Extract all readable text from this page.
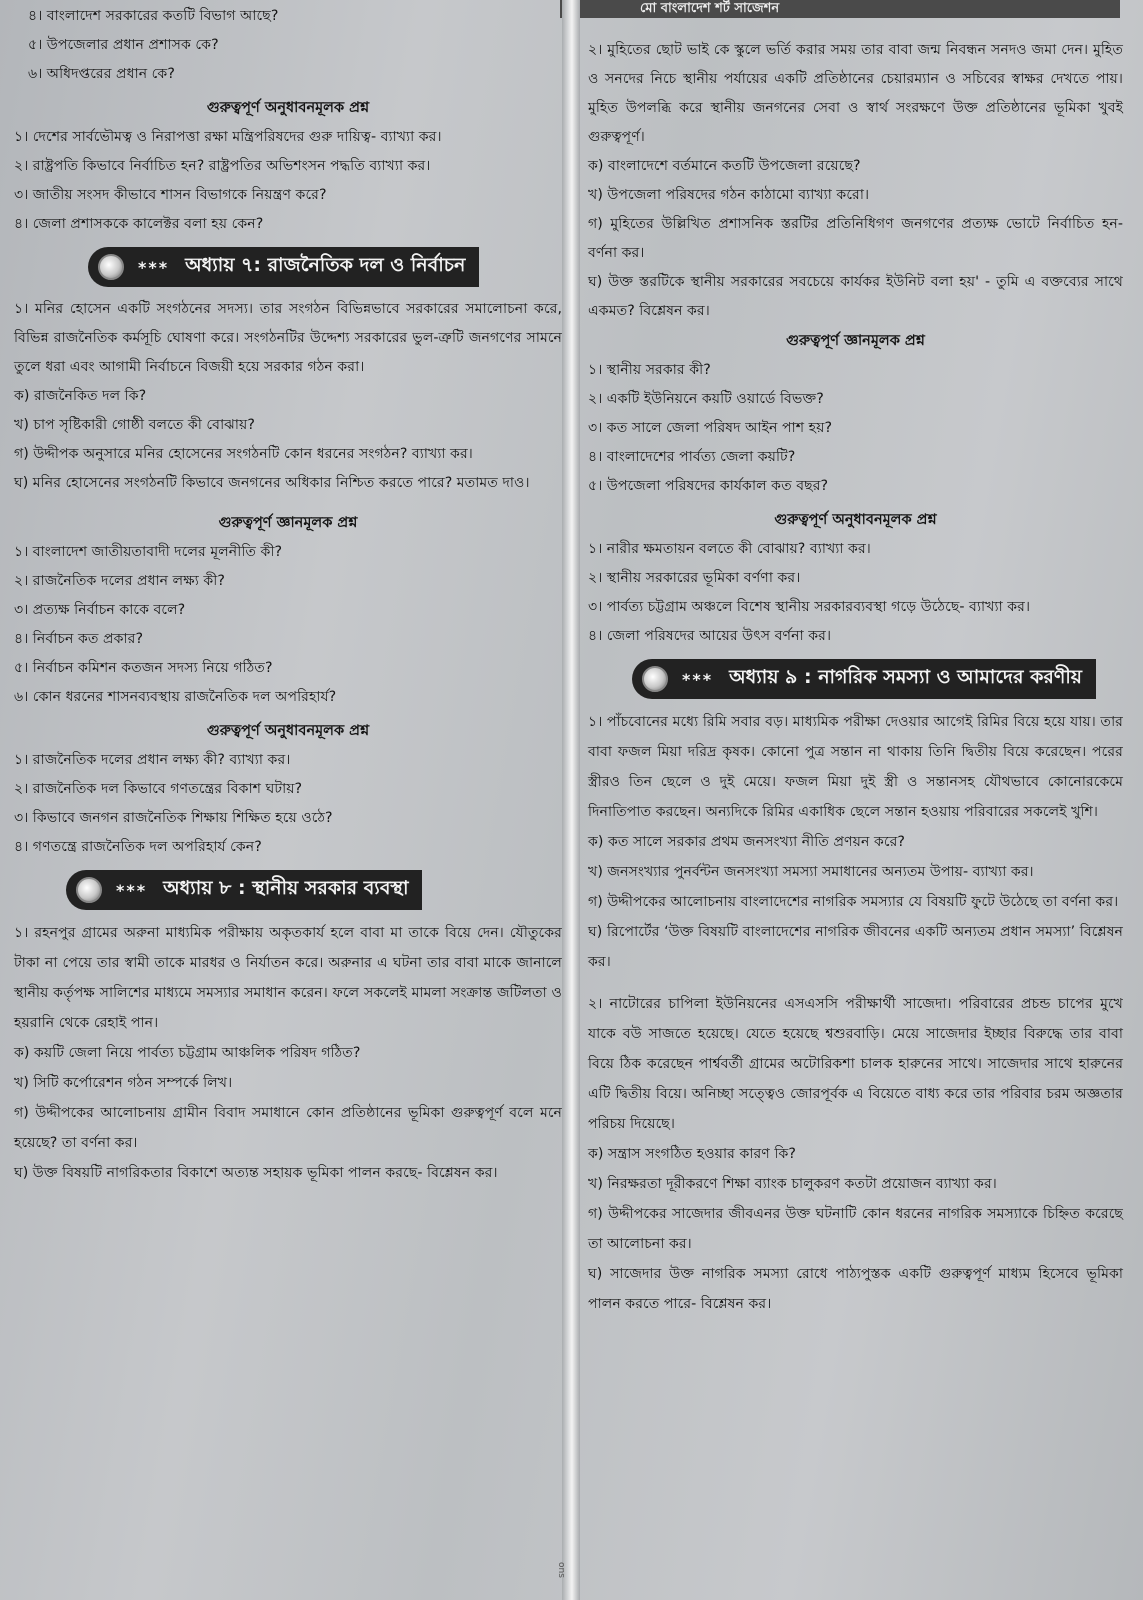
মো বাংলাদেশ শর্ট সাজেশন
৪। বাংলাদেশ সরকারের কতটি বিভাগ আছে?
৫। উপজেলার প্রধান প্রশাসক কে?
৬। অধিদপ্তরের প্রধান কে?
গুরুত্বপূর্ণ অনুধাবনমূলক প্রশ্ন
১। দেশের সার্বভৌমত্ব ও নিরাপত্তা রক্ষা মন্ত্রিপরিষদের গুরু দায়িত্ব- ব্যাখ্যা কর।
২। রাষ্ট্রপতি কিভাবে নির্বাচিত হন? রাষ্ট্রপতির অভিশংসন পদ্ধতি ব্যাখ্যা কর।
৩। জাতীয় সংসদ কীভাবে শাসন বিভাগকে নিয়ন্ত্রণ করে?
৪। জেলা প্রশাসককে কালেক্টর বলা হয় কেন?
*** অধ্যায় ৭: রাজনৈতিক দল ও নির্বাচন
১। মনির হোসেন একটি সংগঠনের সদস্য। তার সংগঠন বিভিন্নভাবে সরকারের সমালোচনা করে, বিভিন্ন রাজনৈতিক কর্মসূচি ঘোষণা করে। সংগঠনটির উদ্দেশ্য সরকারের ভুল-ত্রুটি জনগণের সামনে তুলে ধরা এবং আগামী নির্বাচনে বিজয়ী হয়ে সরকার গঠন করা।
ক) রাজনৈকিত দল কি?
খ) চাপ সৃষ্টিকারী গোষ্ঠী বলতে কী বোঝায়?
গ) উদ্দীপক অনুসারে মনির হোসেনের সংগঠনটি কোন ধরনের সংগঠন? ব্যাখ্যা কর।
ঘ) মনির হোসেনের সংগঠনটি কিভাবে জনগনের অধিকার নিশ্চিত করতে পারে? মতামত দাও।
গুরুত্বপূর্ণ জ্ঞানমূলক প্রশ্ন
১। বাংলাদেশ জাতীয়তাবাদী দলের মূলনীতি কী?
২। রাজনৈতিক দলের প্রধান লক্ষ্য কী?
৩। প্রত্যক্ষ নির্বাচন কাকে বলে?
৪। নির্বাচন কত প্রকার?
৫। নির্বাচন কমিশন কতজন সদস্য নিয়ে গঠিত?
৬। কোন ধরনের শাসনব্যবস্থায় রাজনৈতিক দল অপরিহার্য?
গুরুত্বপূর্ণ অনুধাবনমূলক প্রশ্ন
১। রাজনৈতিক দলের প্রধান লক্ষ্য কী? ব্যাখ্যা কর।
২। রাজনৈতিক দল কিভাবে গণতন্ত্রের বিকাশ ঘটায়?
৩। কিভাবে জনগন রাজনৈতিক শিক্ষায় শিক্ষিত হয়ে ওঠে?
৪। গণতন্ত্রে রাজনৈতিক দল অপরিহার্য কেন?
*** অধ্যায় ৮ : স্থানীয় সরকার ব্যবস্থা
১। রহনপুর গ্রামের অরুনা মাধ্যমিক পরীক্ষায় অকৃতকার্য হলে বাবা মা তাকে বিয়ে দেন। যৌতুকের টাকা না পেয়ে তার স্বামী তাকে মারধর ও নির্যাতন করে। অরুনার এ ঘটনা তার বাবা মাকে জানালে স্থানীয় কর্তৃপক্ষ সালিশের মাধ্যমে সমস্যার সমাধান করেন। ফলে সকলেই মামলা সংক্রান্ত জটিলতা ও হয়রানি থেকে রেহাই পান।
ক) কয়টি জেলা নিয়ে পার্বত্য চট্টগ্রাম আঞ্চলিক পরিষদ গঠিত?
খ) সিটি কর্পোরেশন গঠন সম্পর্কে লিখ।
গ) উদ্দীপকের আলোচনায় গ্রামীন বিবাদ সমাধানে কোন প্রতিষ্ঠানের ভূমিকা গুরুত্বপূর্ণ বলে মনে হয়েছে? তা বর্ণনা কর।
ঘ) উক্ত বিষয়টি নাগরিকতার বিকাশে অত্যন্ত সহায়ক ভূমিকা পালন করছে- বিশ্লেষন কর।
ons
২। মুহিতের ছোট ভাই কে স্কুলে ভর্তি করার সময় তার বাবা জন্ম নিবন্ধন সনদও জমা দেন। মুহিত ও সনদের নিচে স্থানীয় পর্যায়ের একটি প্রতিষ্ঠানের চেয়ারম্যান ও সচিবের স্বাক্ষর দেখতে পায়। মুহিত উপলব্ধি করে স্থানীয় জনগনের সেবা ও স্বার্থ সংরক্ষণে উক্ত প্রতিষ্ঠানের ভূমিকা খুবই গুরুত্বপূর্ণ।
ক) বাংলাদেশে বর্তমানে কতটি উপজেলা রয়েছে?
খ) উপজেলা পরিষদের গঠন কাঠামো ব্যাখ্যা করো।
গ) মুহিতের উল্লিখিত প্রশাসনিক স্তরটির প্রতিনিধিগণ জনগণের প্রত্যক্ষ ভোটে নির্বাচিত হন- বর্ণনা কর।
ঘ) উক্ত স্তরটিকে স্থানীয় সরকারের সবচেয়ে কার্যকর ইউনিট বলা হয়' - তুমি এ বক্তব্যের সাথে একমত? বিশ্লেষন কর।
গুরুত্বপূর্ণ জ্ঞানমূলক প্রশ্ন
১। স্থানীয় সরকার কী?
২। একটি ইউনিয়নে কয়টি ওয়ার্ডে বিভক্ত?
৩। কত সালে জেলা পরিষদ আইন পাশ হয়?
৪। বাংলাদেশের পার্বত্য জেলা কয়টি?
৫। উপজেলা পরিষদের কার্যকাল কত বছর?
গুরুত্বপূর্ণ অনুধাবনমূলক প্রশ্ন
১। নারীর ক্ষমতায়ন বলতে কী বোঝায়? ব্যাখ্যা কর।
২। স্থানীয় সরকারের ভূমিকা বর্ণণা কর।
৩। পার্বত্য চট্টগ্রাম অঞ্চলে বিশেষ স্থানীয় সরকারব্যবস্থা গড়ে উঠেছে- ব্যাখ্যা কর।
৪। জেলা পরিষদের আয়ের উৎস বর্ণনা কর।
*** অধ্যায় ৯ : নাগরিক সমস্যা ও আমাদের করণীয়
১। পাঁচবোনের মধ্যে রিমি সবার বড়। মাধ্যমিক পরীক্ষা দেওয়ার আগেই রিমির বিয়ে হয়ে যায়। তার বাবা ফজল মিয়া দরিদ্র কৃষক। কোনো পুত্র সন্তান না থাকায় তিনি দ্বিতীয় বিয়ে করেছেন। পরের স্ত্রীরও তিন ছেলে ও দুই মেয়ে। ফজল মিয়া দুই স্ত্রী ও সন্তানসহ যৌথভাবে কোনোরকেমে দিনাতিপাত করছেন। অন্যদিকে রিমির একাধিক ছেলে সন্তান হওয়ায় পরিবারের সকলেই খুশি।
ক) কত সালে সরকার প্রথম জনসংখ্যা নীতি প্রণয়ন করে?
খ) জনসংখ্যার পুনর্বন্টন জনসংখ্যা সমস্যা সমাধানের অন্যতম উপায়- ব্যাখ্যা কর।
গ) উদ্দীপকের আলোচনায় বাংলাদেশের নাগরিক সমস্যার যে বিষয়টি ফুটে উঠেছে তা বর্ণনা কর।
ঘ) রিপোর্টের ‘উক্ত বিষয়টি বাংলাদেশের নাগরিক জীবনের একটি অন্যতম প্রধান সমস্যা’ বিশ্লেষন কর।
২। নাটোরের চাপিলা ইউনিয়নের এসএসসি পরীক্ষার্থী সাজেদা। পরিবারের প্রচন্ড চাপের মুখে যাকে বউ সাজতে হয়েছে। যেতে হয়েছে শ্বশুরবাড়ি। মেয়ে সাজেদার ইচ্ছার বিরুদ্ধে তার বাবা বিয়ে ঠিক করেছেন পার্শ্ববর্তী গ্রামের অটোরিকশা চালক হারুনের সাথে। সাজেদার সাথে হারুনের এটি দ্বিতীয় বিয়ে। অনিচ্ছা সত্ত্বেও জোরপূর্বক এ বিয়েতে বাধ্য করে তার পরিবার চরম অজ্ঞতার পরিচয় দিয়েছে।
ক) সন্ত্রাস সংগঠিত হওয়ার কারণ কি?
খ) নিরক্ষরতা দূরীকরণে শিক্ষা ব্যাংক চালুকরণ কতটা প্রয়োজন ব্যাখ্যা কর।
গ) উদ্দীপকের সাজেদার জীবএনর উক্ত ঘটনাটি কোন ধরনের নাগরিক সমস্যাকে চিহ্নিত করেছে তা আলোচনা কর।
ঘ) সাজেদার উক্ত নাগরিক সমস্যা রোধে পাঠ্যপুস্তক একটি গুরুত্বপূর্ণ মাধ্যম হিসেবে ভূমিকা পালন করতে পারে- বিশ্লেষন কর।
